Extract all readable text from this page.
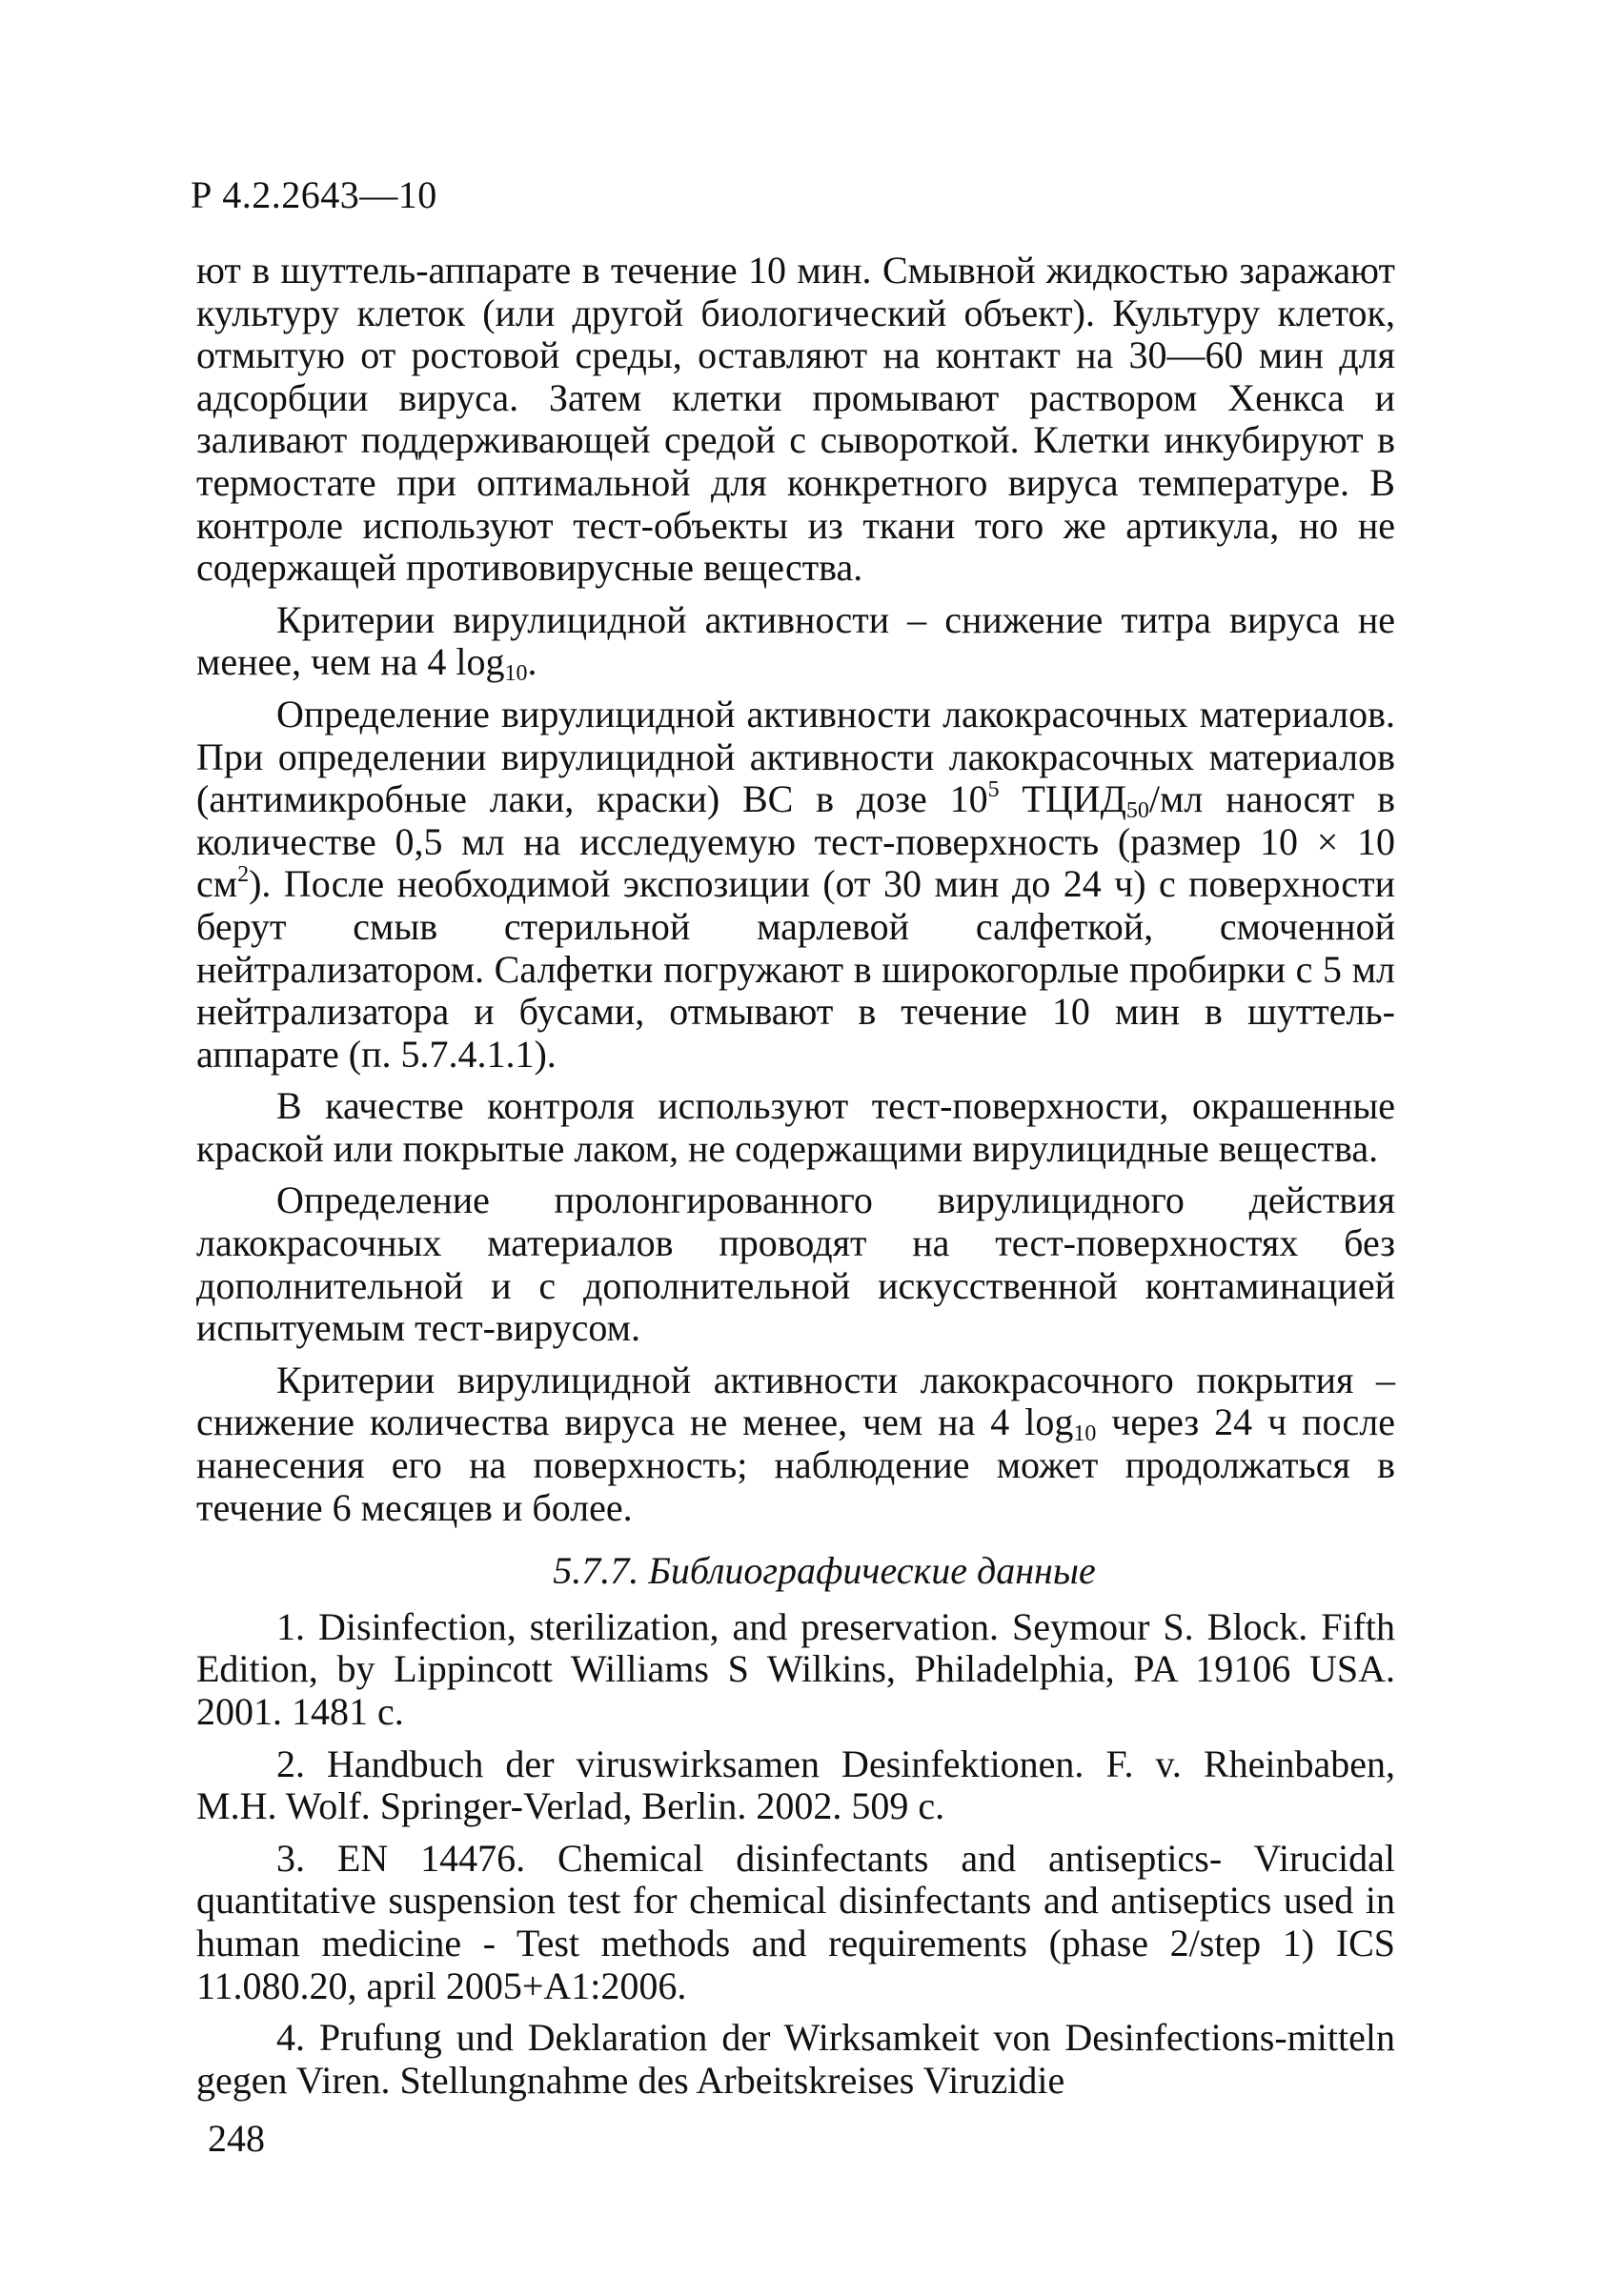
Р 4.2.2643—10

ют в шуттель-аппарате в течение 10 мин. Смывной жидкостью заражают культуру клеток (или другой биологический объект). Культуру клеток, отмытую от ростовой среды, оставляют на контакт на 30—60 мин для адсорбции вируса. Затем клетки промывают раствором Хенкса и заливают поддерживающей средой с сывороткой. Клетки инкубируют в термостате при оптимальной для конкретного вируса температуре. В контроле используют тест-объекты из ткани того же артикула, но не содержащей противовирусные вещества.

Критерии вирулицидной активности – снижение титра вируса не менее, чем на 4 $\log_{10}$.

Определение вирулицидной активности лакокрасочных материалов. При определении вирулицидной активности лакокрасочных материалов (антимикробные лаки, краски) ВС в дозе $10^5$ $ТЦИД_{50}/мл$ наносят в количестве 0,5 мл на исследуемую тест-поверхность (размер 10 × 10 $см^2$). После необходимой экспозиции (от 30 мин до 24 ч) с поверхности берут смыв стерильной марлевой салфеткой, смоченной нейтрализатором. Салфетки погружают в широкогорлые пробирки с 5 мл нейтрализатора и бусами, отмывают в течение 10 мин в шуттель-аппарате (п. 5.7.4.1.1).

В качестве контроля используют тест-поверхности, окрашенные краской или покрытые лаком, не содержащими вирулицидные вещества.

Определение пролонгированного вирулицидного действия лакокрасочных материалов проводят на тест-поверхностях без дополнительной и с дополнительной искусственной контаминацией испытуемым тест-вирусом.

Критерии вирулицидной активности лакокрасочного покрытия – снижение количества вируса не менее, чем на 4 $\log_{10}$ через 24 ч после нанесения его на поверхность; наблюдение может продолжаться в течение 6 месяцев и более.

5.7.7. Библиографические данные

1. Disinfection, sterilization, and preservation. Seymour S. Block. Fifth Edition, by Lippincott Williams S Wilkins, Philadelphia, PA 19106 USA. 2001. 1481 c.

2. Handbuch der viruswirksamen Desinfektionen. F. v. Rheinbaben, M.H. Wolf. Springer-Verlad, Berlin. 2002. 509 c.

3. EN 14476. Chemical disinfectants and antiseptics- Virucidal quantitative suspension test for chemical disinfectants and antiseptics used in human medicine - Test methods and requirements (phase 2/step 1) ICS 11.080.20, april 2005+A1:2006.

4. Prufung und Deklaration der Wirksamkeit von Desinfections-mitteln gegen Viren. Stellungnahme des Arbeitskreises Viruzidie

248
